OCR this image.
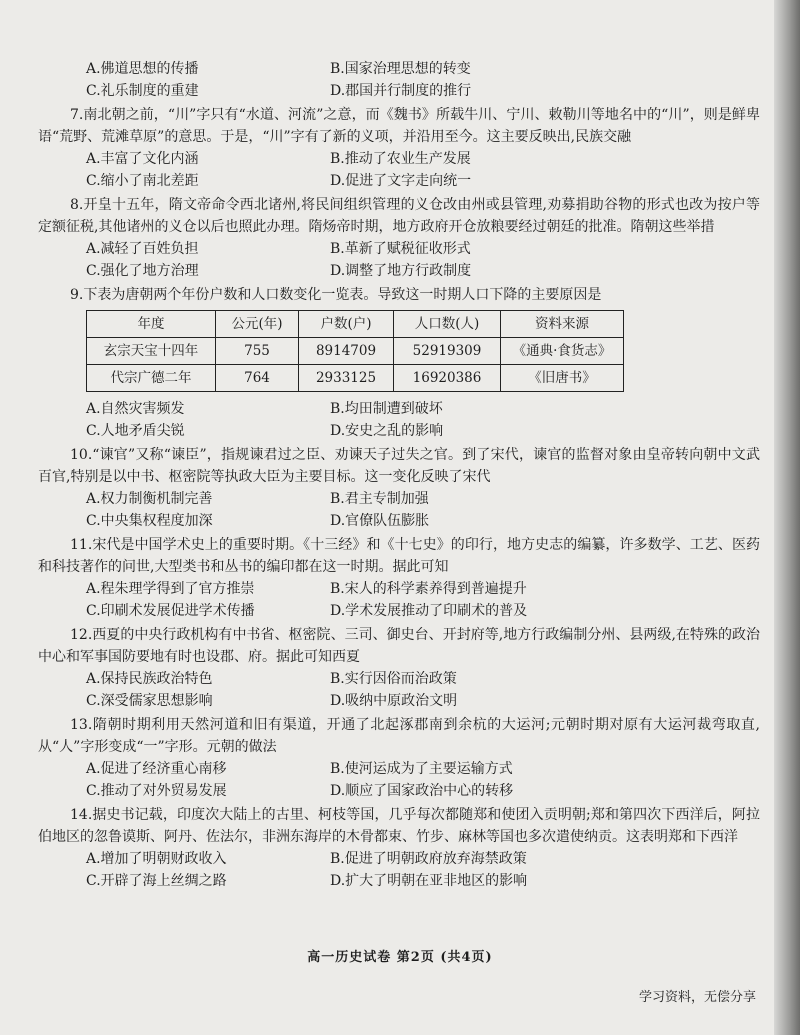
A.佛道思想的传播	B.国家治理思想的转变
C.礼乐制度的重建	D.郡国并行制度的推行

7.南北朝之前，“川”字只有“水道、河流”之意，而《魏书》所载牛川、宁川、敕勒川等地名中的“川”，则是鲜卑语“荒野、荒滩草原”的意思。于是，“川”字有了新的义项，并沿用至今。这主要反映出,民族交融

A.丰富了文化内涵	B.推动了农业生产发展
C.缩小了南北差距	D.促进了文字走向统一

8.开皇十五年，隋文帝命令西北诸州,将民间组织管理的义仓改由州或县管理,劝募捐助谷物的形式也改为按户等定额征税,其他诸州的义仓以后也照此办理。隋炀帝时期，地方政府开仓放粮要经过朝廷的批准。隋朝这些举措

A.减轻了百姓负担	B.革新了赋税征收形式
C.强化了地方治理	D.调整了地方行政制度

9.下表为唐朝两个年份户数和人口数变化一览表。导致这一时期人口下降的主要原因是

年度	公元(年)	户数(户)	人口数(人)	资料来源
玄宗天宝十四年	755	8914709	52919309	《通典·食货志》
代宗广德二年	764	2933125	16920386	《旧唐书》
A.自然灾害频发	B.均田制遭到破坏
C.人地矛盾尖锐	D.安史之乱的影响

10.“谏官”又称“谏臣”，指规谏君过之臣、劝谏天子过失之官。到了宋代，谏官的监督对象由皇帝转向朝中文武百官,特别是以中书、枢密院等执政大臣为主要目标。这一变化反映了宋代

A.权力制衡机制完善	B.君主专制加强
C.中央集权程度加深	D.官僚队伍膨胀

11.宋代是中国学术史上的重要时期。《十三经》和《十七史》的印行，地方史志的编纂，许多数学、工艺、医药和科技著作的问世,大型类书和丛书的编印都在这一时期。据此可知

A.程朱理学得到了官方推崇	B.宋人的科学素养得到普遍提升
C.印刷术发展促进学术传播	D.学术发展推动了印刷术的普及

12.西夏的中央行政机构有中书省、枢密院、三司、御史台、开封府等,地方行政编制分州、县两级,在特殊的政治中心和军事国防要地有时也设郡、府。据此可知西夏

A.保持民族政治特色	B.实行因俗而治政策
C.深受儒家思想影响	D.吸纳中原政治文明

13.隋朝时期利用天然河道和旧有渠道，开通了北起涿郡南到余杭的大运河;元朝时期对原有大运河裁弯取直,从“人”字形变成“一”字形。元朝的做法

A.促进了经济重心南移	B.使河运成为了主要运输方式
C.推动了对外贸易发展	D.顺应了国家政治中心的转移

14.据史书记载，印度次大陆上的古里、柯枝等国，几乎每次都随郑和使团入贡明朝;郑和第四次下西洋后，阿拉伯地区的忽鲁谟斯、阿丹、佐法尔，非洲东海岸的木骨都束、竹步、麻林等国也多次遣使纳贡。这表明郑和下西洋

A.增加了明朝财政收入	B.促进了明朝政府放弃海禁政策
C.开辟了海上丝绸之路	D.扩大了明朝在亚非地区的影响
高一历史试卷 第2页 (共4页)
学习资料，无偿分享
